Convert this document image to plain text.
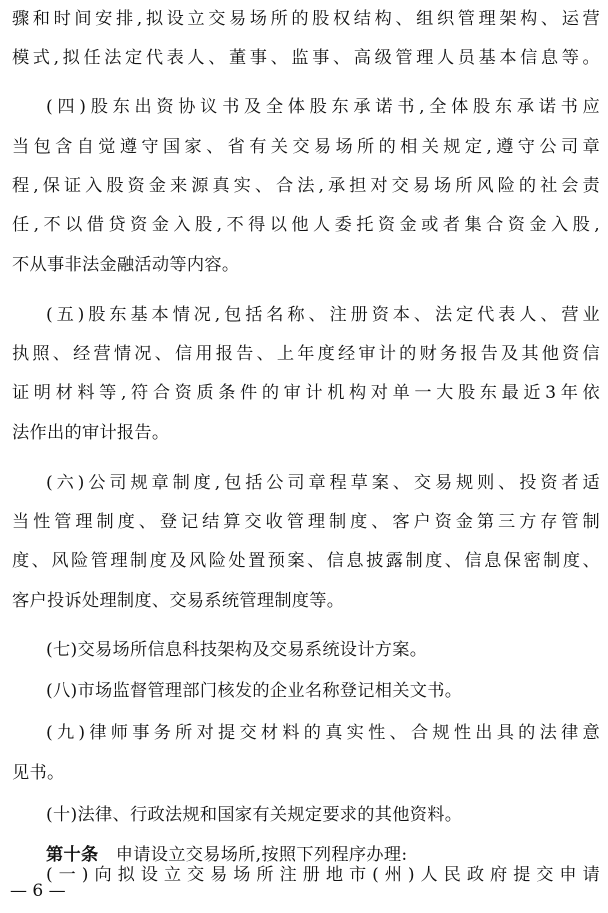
骤和时间安排,拟设立交易场所的股权结构、组织管理架构、运营
模式,拟任法定代表人、董事、监事、高级管理人员基本信息等。
(四)股东出资协议书及全体股东承诺书,全体股东承诺书应
当包含自觉遵守国家、省有关交易场所的相关规定,遵守公司章
程,保证入股资金来源真实、合法,承担对交易场所风险的社会责
任,不以借贷资金入股,不得以他人委托资金或者集合资金入股,
不从事非法金融活动等内容。
(五)股东基本情况,包括名称、注册资本、法定代表人、营业
执照、经营情况、信用报告、上年度经审计的财务报告及其他资信
证明材料等,符合资质条件的审计机构对单一大股东最近3年依
法作出的审计报告。
(六)公司规章制度,包括公司章程草案、交易规则、投资者适
当性管理制度、登记结算交收管理制度、客户资金第三方存管制
度、风险管理制度及风险处置预案、信息披露制度、信息保密制度、
客户投诉处理制度、交易系统管理制度等。
(七)交易场所信息科技架构及交易系统设计方案。
(八)市场监督管理部门核发的企业名称登记相关文书。
(九)律师事务所对提交材料的真实性、合规性出具的法律意
见书。
(十)法律、行政法规和国家有关规定要求的其他资料。
第十条 申请设立交易场所,按照下列程序办理:
(一)向拟设立交易场所注册地市(州)人民政府提交申请
— 6 —
